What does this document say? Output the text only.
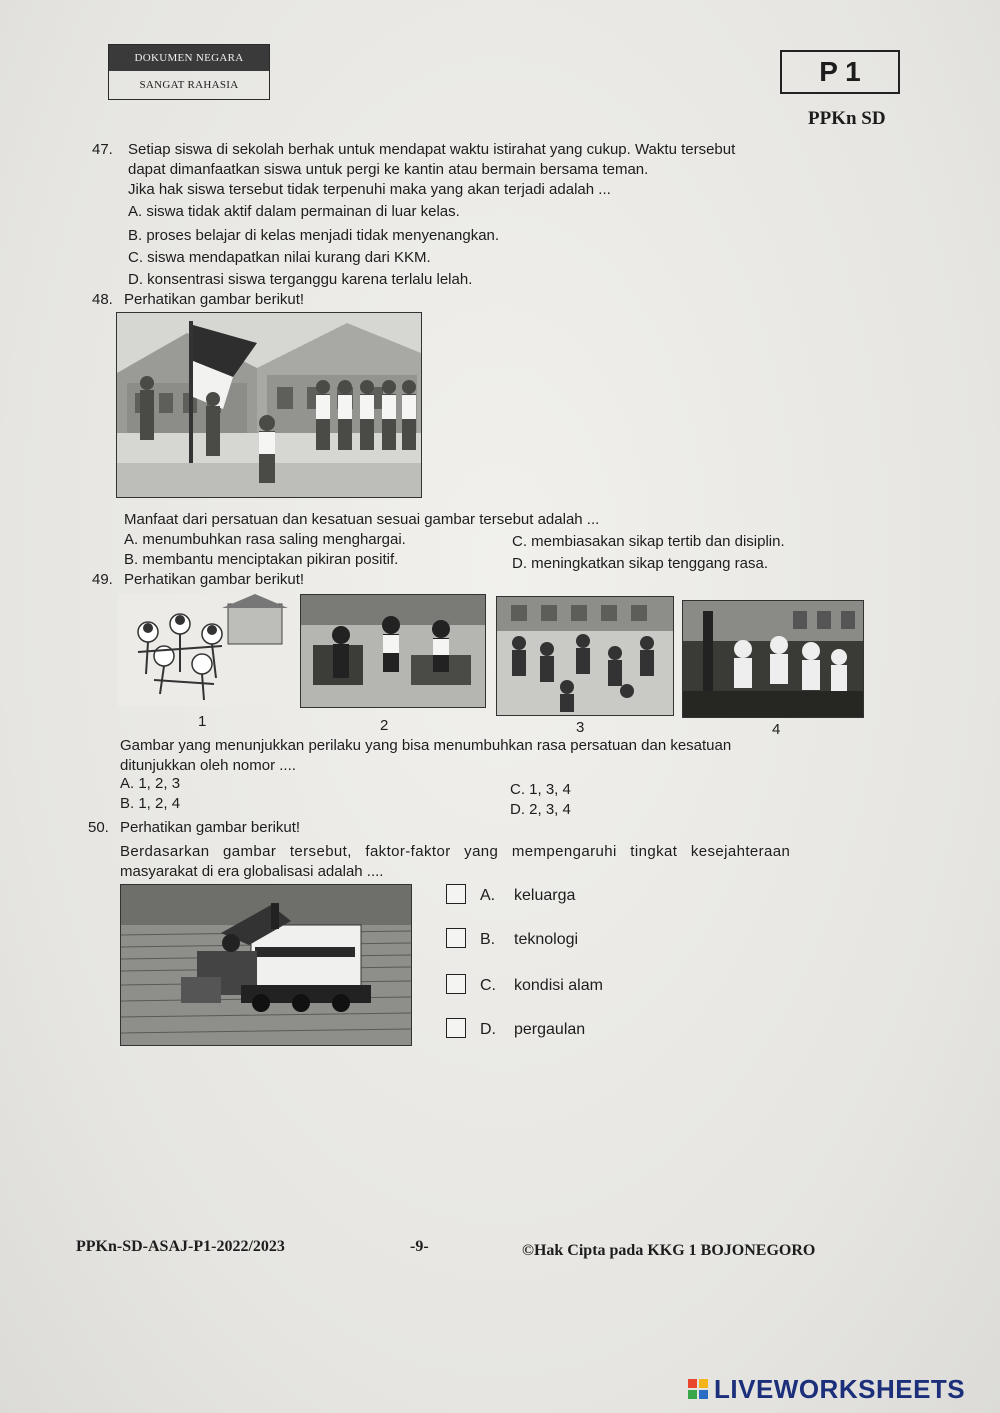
DOKUMEN NEGARA
SANGAT RAHASIA	P 1
PPKn SD
47. Setiap siswa di sekolah berhak untuk mendapat waktu istirahat yang cukup. Waktu tersebut
dapat dimanfaatkan siswa untuk pergi ke kantin atau bermain bersama teman.
Jika hak siswa tersebut tidak terpenuhi maka yang akan terjadi adalah ...
A. siswa tidak aktif dalam permainan di luar kelas.
B. proses belajar di kelas menjadi tidak menyenangkan.
C. siswa mendapatkan nilai kurang dari KKM.
D. konsentrasi siswa terganggu karena terlalu lelah.
48. Perhatikan gambar berikut!
Manfaat dari persatuan dan kesatuan sesuai gambar tersebut adalah ...
A. menumbuhkan rasa saling menghargai.	C. membiasakan sikap tertib dan disiplin.
B. membantu menciptakan pikiran positif.	D. meningkatkan sikap tenggang rasa.
49. Perhatikan gambar berikut!
1	2	3	4
Gambar yang menunjukkan perilaku yang bisa menumbuhkan rasa persatuan dan kesatuan
ditunjukkan oleh nomor ....
A. 1, 2, 3	C. 1, 3, 4
B. 1, 2, 4	D. 2, 3, 4
50. Perhatikan gambar berikut!
Berdasarkan gambar tersebut, faktor-faktor yang mempengaruhi tingkat kesejahteraan
masyarakat di era globalisasi adalah ....
A. keluarga
B. teknologi
C. kondisi alam
D. pergaulan
PPKn-SD-ASAJ-P1-2022/2023	-9-	©Hak Cipta pada KKG 1 BOJONEGORO
LIVEWORKSHEETS
